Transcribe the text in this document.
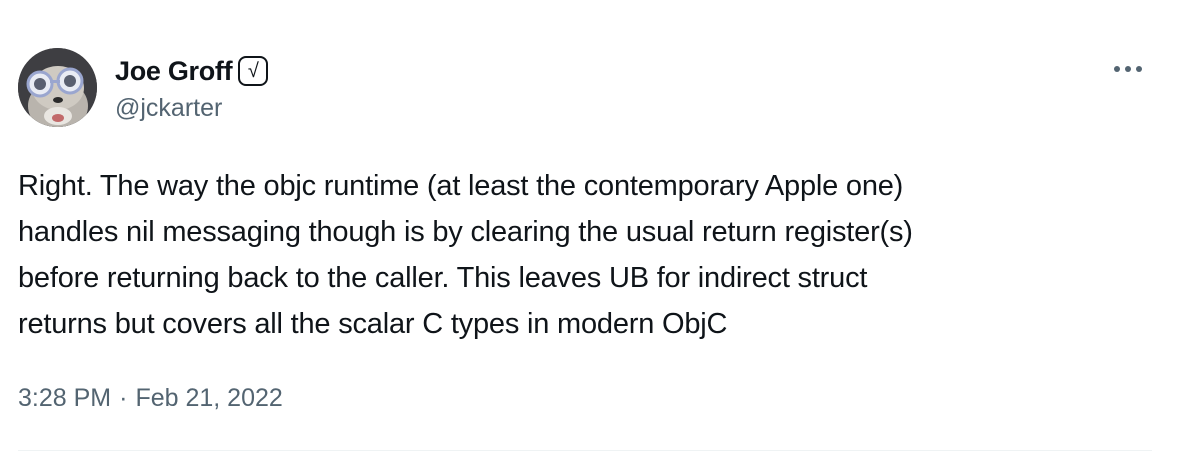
Joe Groff √
@jckarter
Right. The way the objc runtime (at least the contemporary Apple one)
handles nil messaging though is by clearing the usual return register(s)
before returning back to the caller. This leaves UB for indirect struct
returns but covers all the scalar C types in modern ObjC
3:28 PM · Feb 21, 2022
